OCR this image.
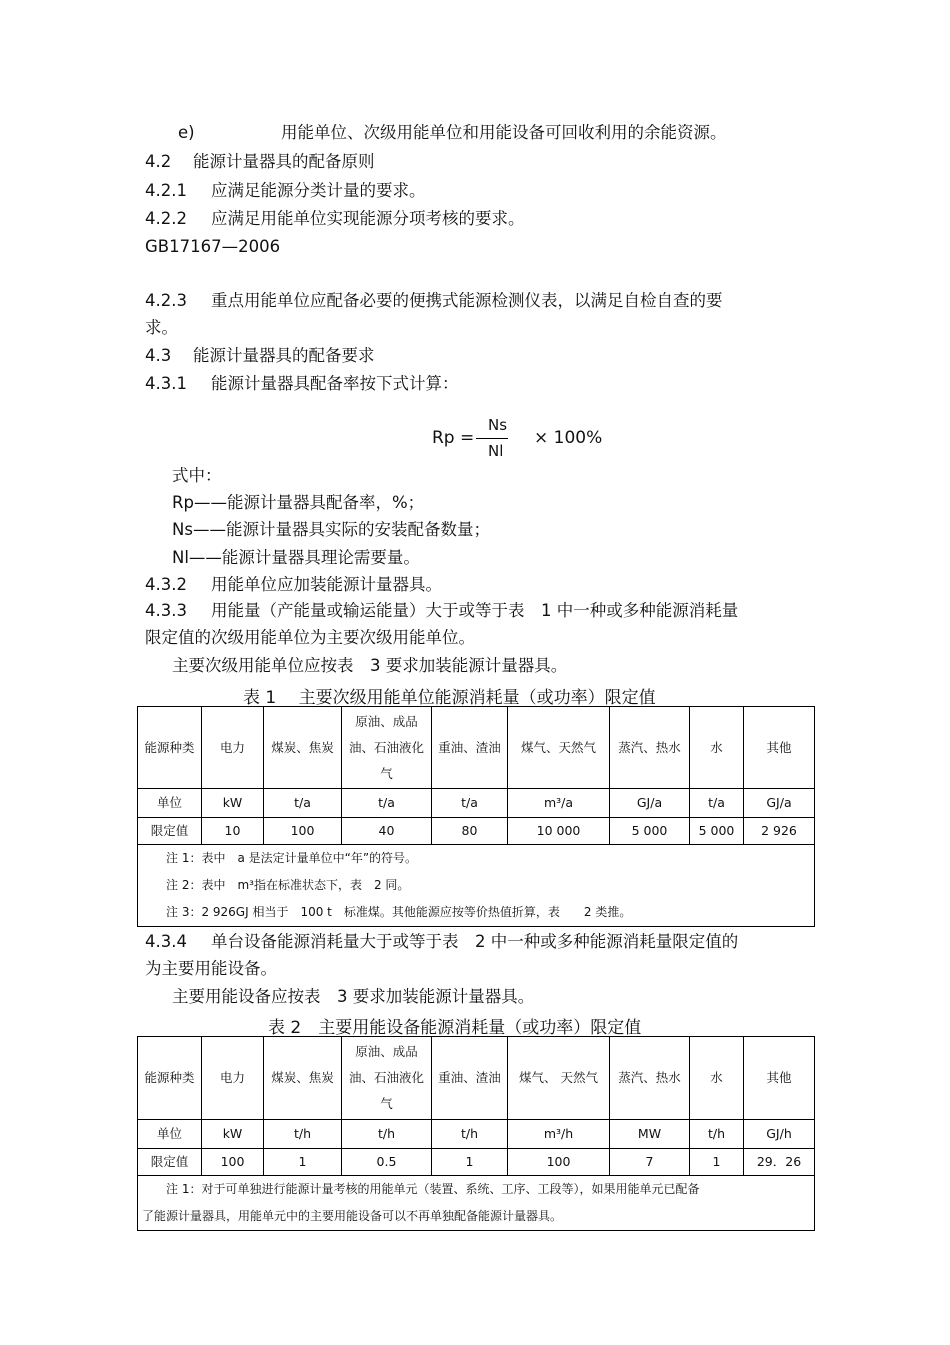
e)	用能单位、次级用能单位和用能设备可回收利用的余能资源。
4.2 能源计量器具的配备原则
4.2.1 应满足能源分类计量的要求。
4.2.2 应满足用能单位实现能源分项考核的要求。
GB17167—2006
4.2.3 重点用能单位应配备必要的便携式能源检测仪表，以满足自检自查的要
求。
4.3 能源计量器具的配备要求
4.3.1 能源计量器具配备率按下式计算：
Rp =
Ns
Nl
× 100%
式中：
Rp——能源计量器具配备率，%；
Ns——能源计量器具实际的安装配备数量；
Nl——能源计量器具理论需要量。
4.3.2 用能单位应加装能源计量器具。
4.3.3 用能量（产能量或输运能量）大于或等于表　1 中一种或多种能源消耗量
限定值的次级用能单位为主要次级用能单位。
主要次级用能单位应按表　3 要求加装能源计量器具。
表 1　 主要次级用能单位能源消耗量（或功率）限定值
能源种类	电力	煤炭、焦炭	原油、成品油、石油液化气	重油、渣油	煤气、天然气	蒸汽、热水	水	其他
单位	kW	t/a	t/a	t/a	m³/a	GJ/a	t/a	GJ/a
限定值	10	100	40	80	10 000	5 000	5 000	2 926

注 1：表中　a 是法定计量单位中“年”的符号。
注 2：表中　m³指在标准状态下，表　2 同。
注 3：2 926GJ 相当于　100 t　标准煤。其他能源应按等价热值折算，表　　2 类推。								
4.3.4 单台设备能源消耗量大于或等于表　2 中一种或多种能源消耗量限定值的
为主要用能设备。
主要用能设备应按表　3 要求加装能源计量器具。
表 2　主要用能设备能源消耗量（或功率）限定值
能源种类	电力	煤炭、焦炭	原油、成品油、石油液化气	重油、渣油	煤气、 天然气	蒸汽、热水	水	其他
单位	kW	t/h	t/h	t/h	m³/h	MW	t/h	GJ/h
限定值	100	1	0.5	1	100	7	1	29．26

注 1：对于可单独进行能源计量考核的用能单元（装置、系统、工序、工段等），如果用能单元已配备
了能源计量器具，用能单元中的主要用能设备可以不再单独配备能源计量器具。								
